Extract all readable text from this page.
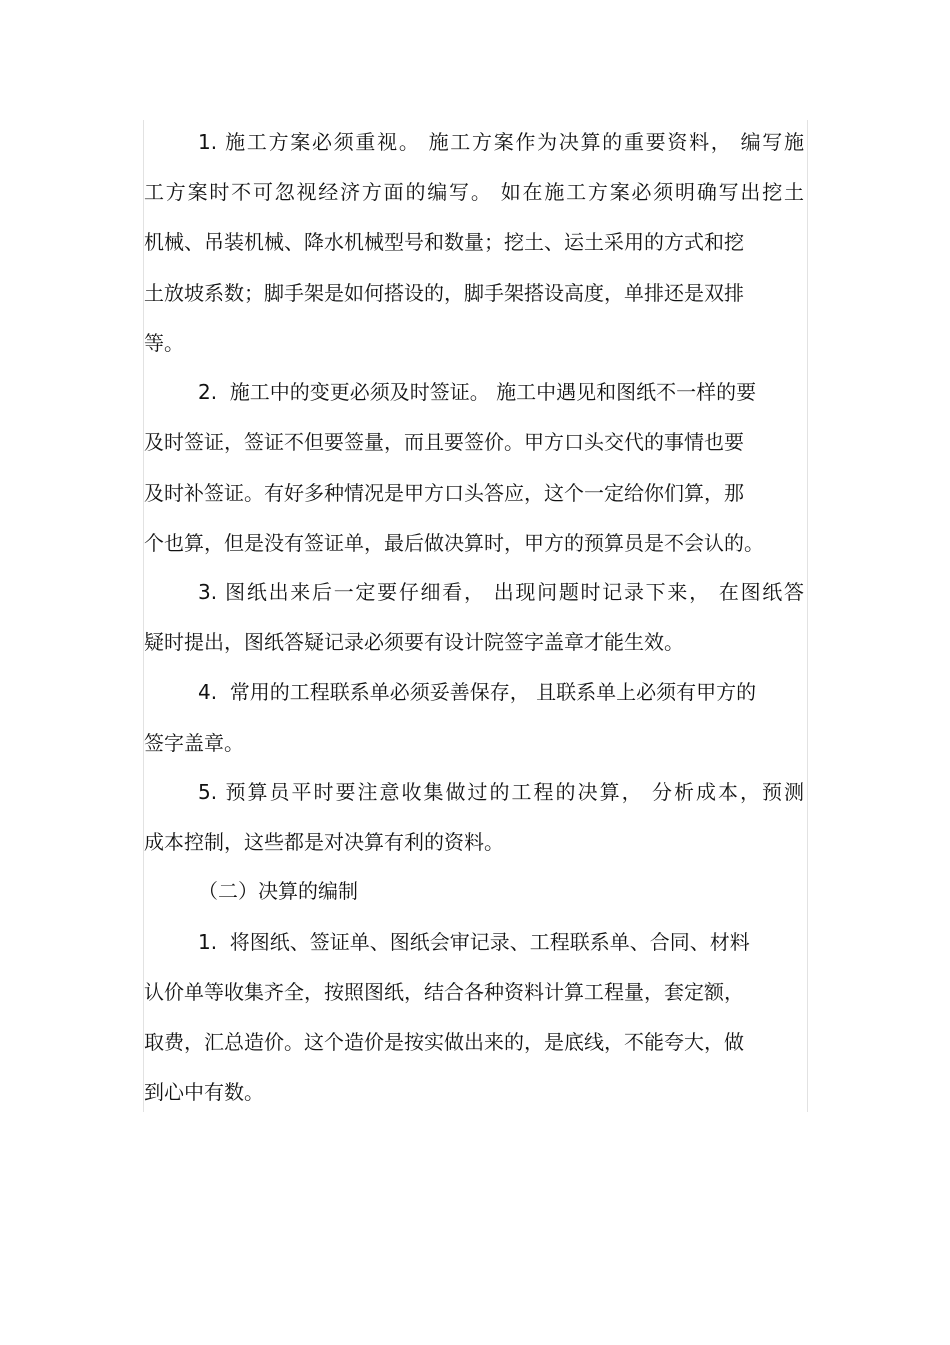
1. 施工方案必须重视。 施工方案作为决算的重要资料， 编写施
工方案时不可忽视经济方面的编写。 如在施工方案必须明确写出挖土
机械、吊装机械、降水机械型号和数量；挖土、运土采用的方式和挖
土放坡系数；脚手架是如何搭设的，脚手架搭设高度，单排还是双排
等。
2.  施工中的变更必须及时签证。 施工中遇见和图纸不一样的要
及时签证，签证不但要签量，而且要签价。甲方口头交代的事情也要
及时补签证。有好多种情况是甲方口头答应，这个一定给你们算，那
个也算，但是没有签证单，最后做决算时，甲方的预算员是不会认的。
3. 图纸出来后一定要仔细看， 出现问题时记录下来， 在图纸答
疑时提出，图纸答疑记录必须要有设计院签字盖章才能生效。
4.  常用的工程联系单必须妥善保存， 且联系单上必须有甲方的
签字盖章。
5. 预算员平时要注意收集做过的工程的决算， 分析成本，预测
成本控制，这些都是对决算有利的资料。
（二）决算的编制
1.  将图纸、签证单、图纸会审记录、工程联系单、合同、材料
认价单等收集齐全，按照图纸，结合各种资料计算工程量，套定额，
取费，汇总造价。这个造价是按实做出来的，是底线，不能夸大，做
到心中有数。
